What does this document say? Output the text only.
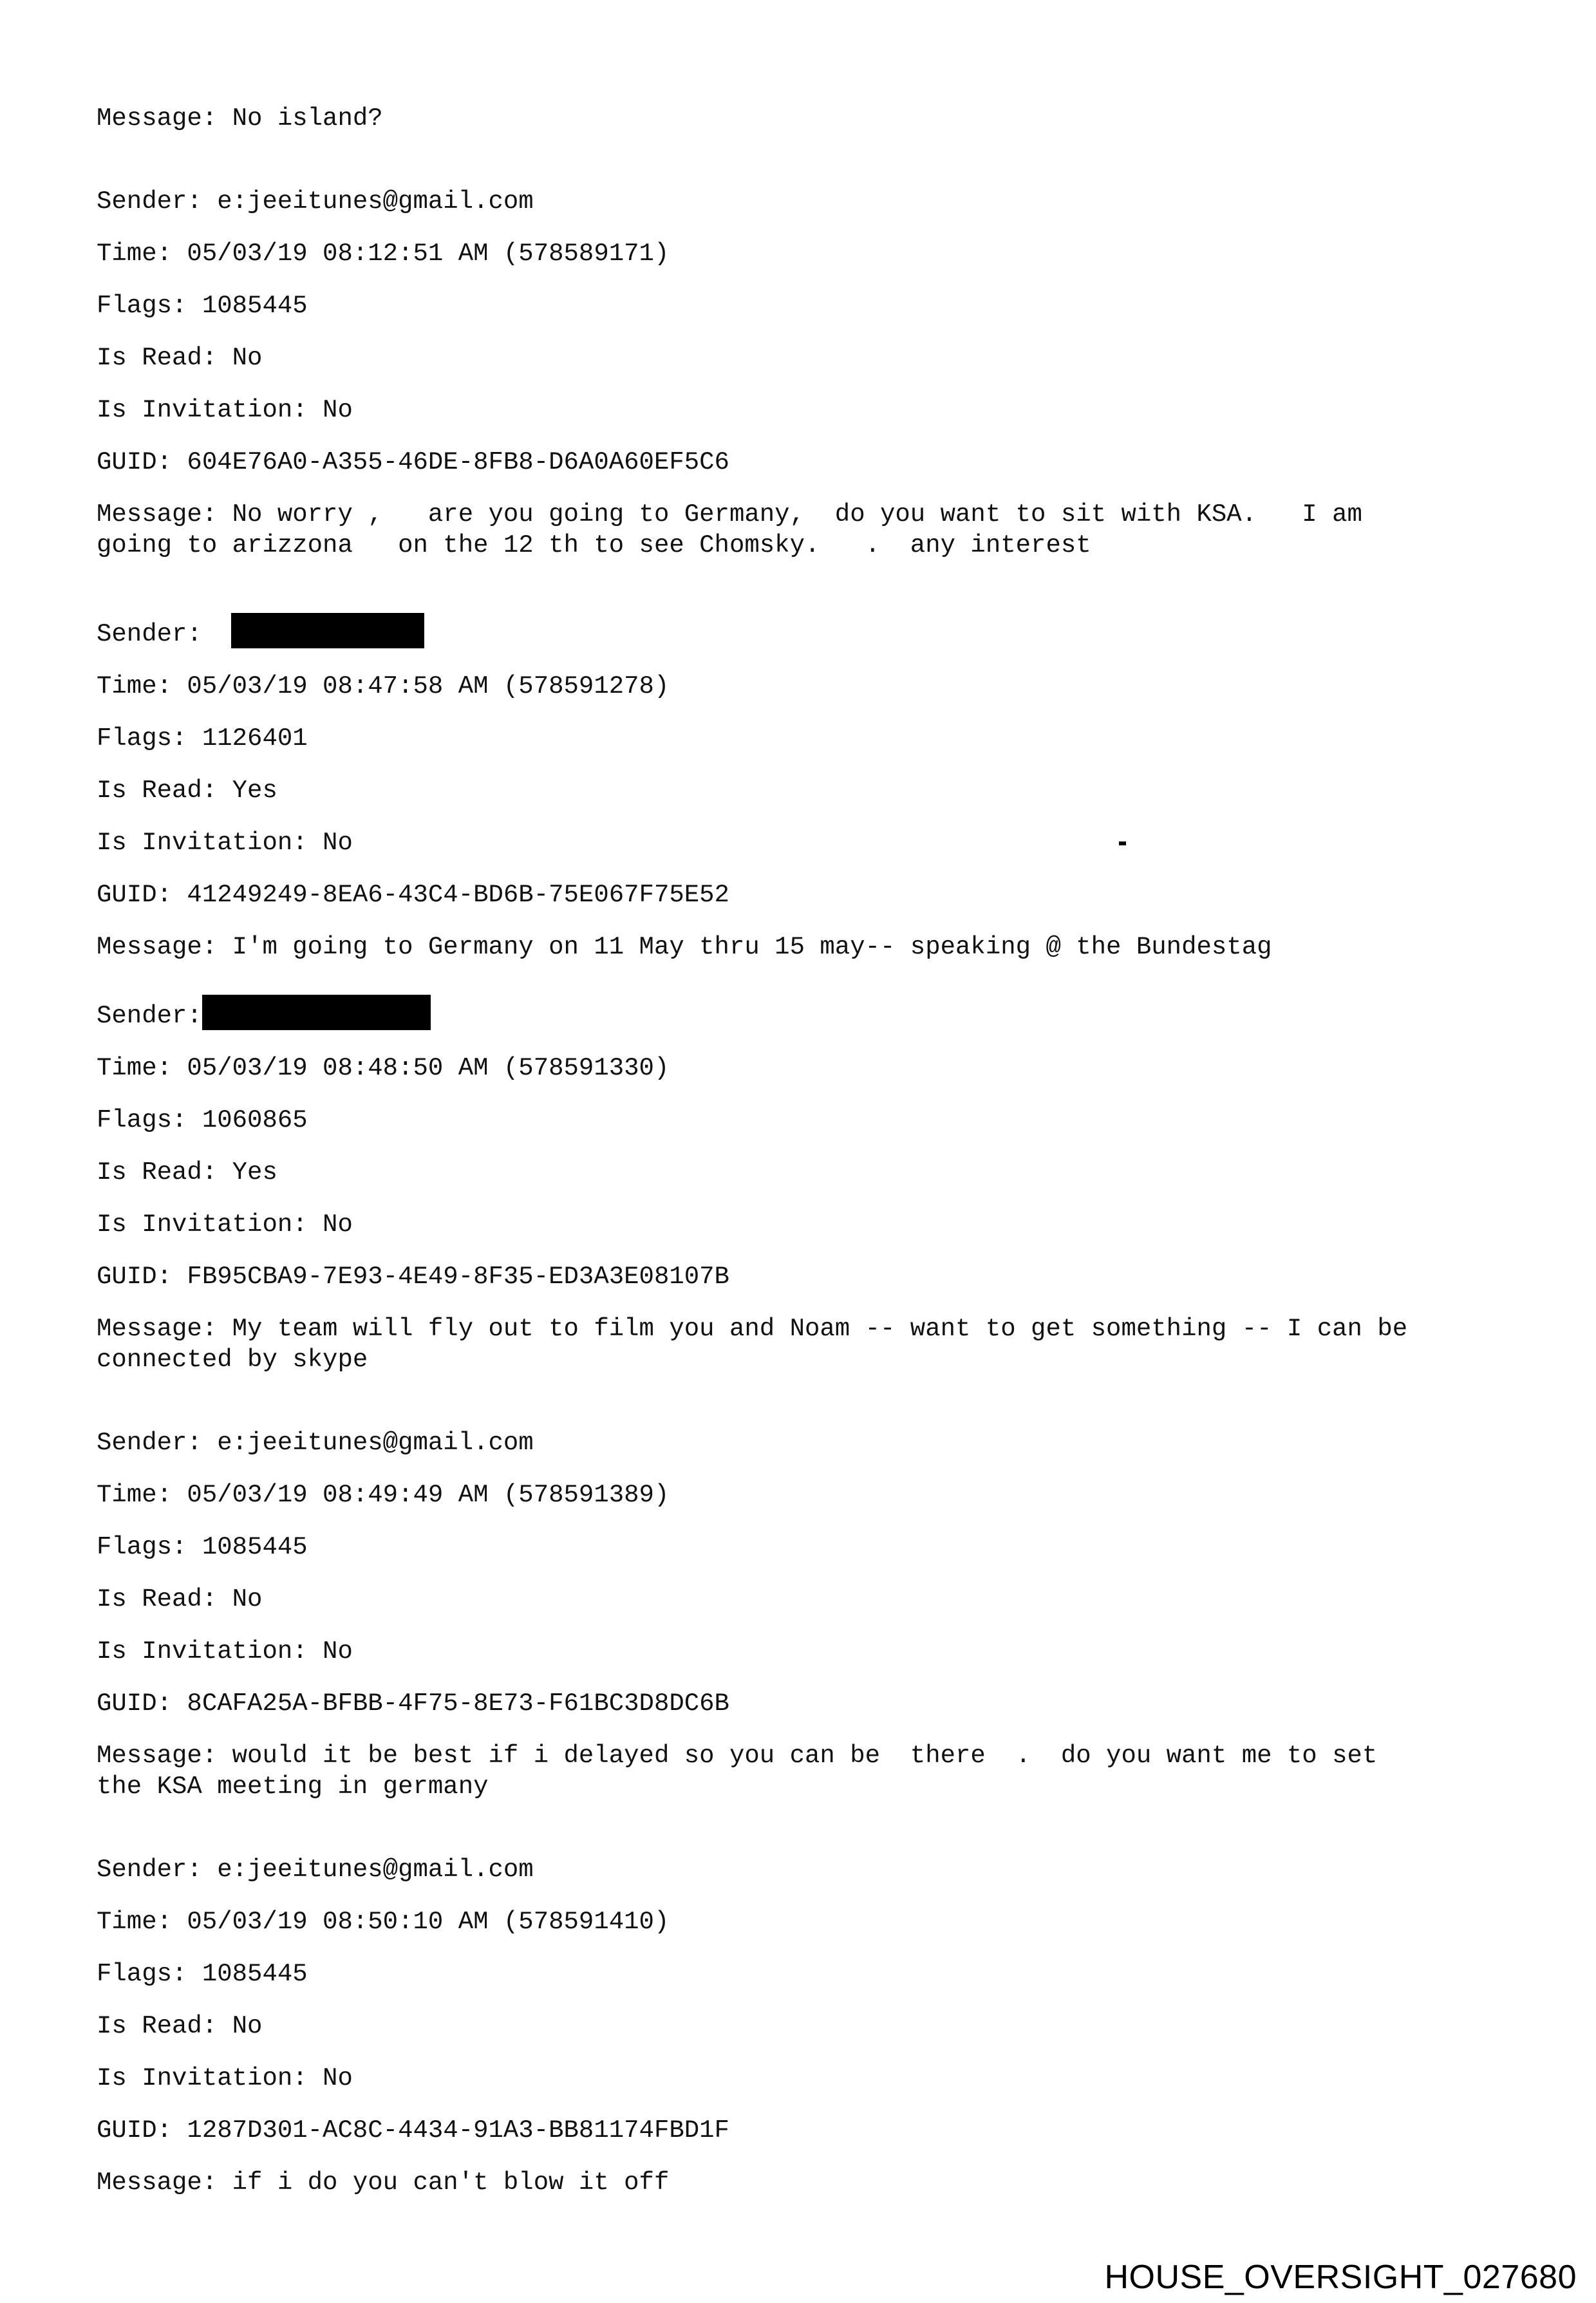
Message: No island?
Sender: e:jeeitunes@gmail.com
Time: 05/03/19 08:12:51 AM (578589171)
Flags: 1085445
Is Read: No
Is Invitation: No
GUID: 604E76A0-A355-46DE-8FB8-D6A0A60EF5C6
Message: No worry ,   are you going to Germany,  do you want to sit with KSA.   I am
going to arizzona   on the 12 th to see Chomsky.   .  any interest
Sender:
Time: 05/03/19 08:47:58 AM (578591278)
Flags: 1126401
Is Read: Yes
Is Invitation: No
GUID: 41249249-8EA6-43C4-BD6B-75E067F75E52
Message: I'm going to Germany on 11 May thru 15 may-- speaking @ the Bundestag
Sender:
Time: 05/03/19 08:48:50 AM (578591330)
Flags: 1060865
Is Read: Yes
Is Invitation: No
GUID: FB95CBA9-7E93-4E49-8F35-ED3A3E08107B
Message: My team will fly out to film you and Noam -- want to get something -- I can be
connected by skype
Sender: e:jeeitunes@gmail.com
Time: 05/03/19 08:49:49 AM (578591389)
Flags: 1085445
Is Read: No
Is Invitation: No
GUID: 8CAFA25A-BFBB-4F75-8E73-F61BC3D8DC6B
Message: would it be best if i delayed so you can be  there  .  do you want me to set
the KSA meeting in germany
Sender: e:jeeitunes@gmail.com
Time: 05/03/19 08:50:10 AM (578591410)
Flags: 1085445
Is Read: No
Is Invitation: No
GUID: 1287D301-AC8C-4434-91A3-BB81174FBD1F
Message: if i do you can't blow it off
HOUSE_OVERSIGHT_027680
